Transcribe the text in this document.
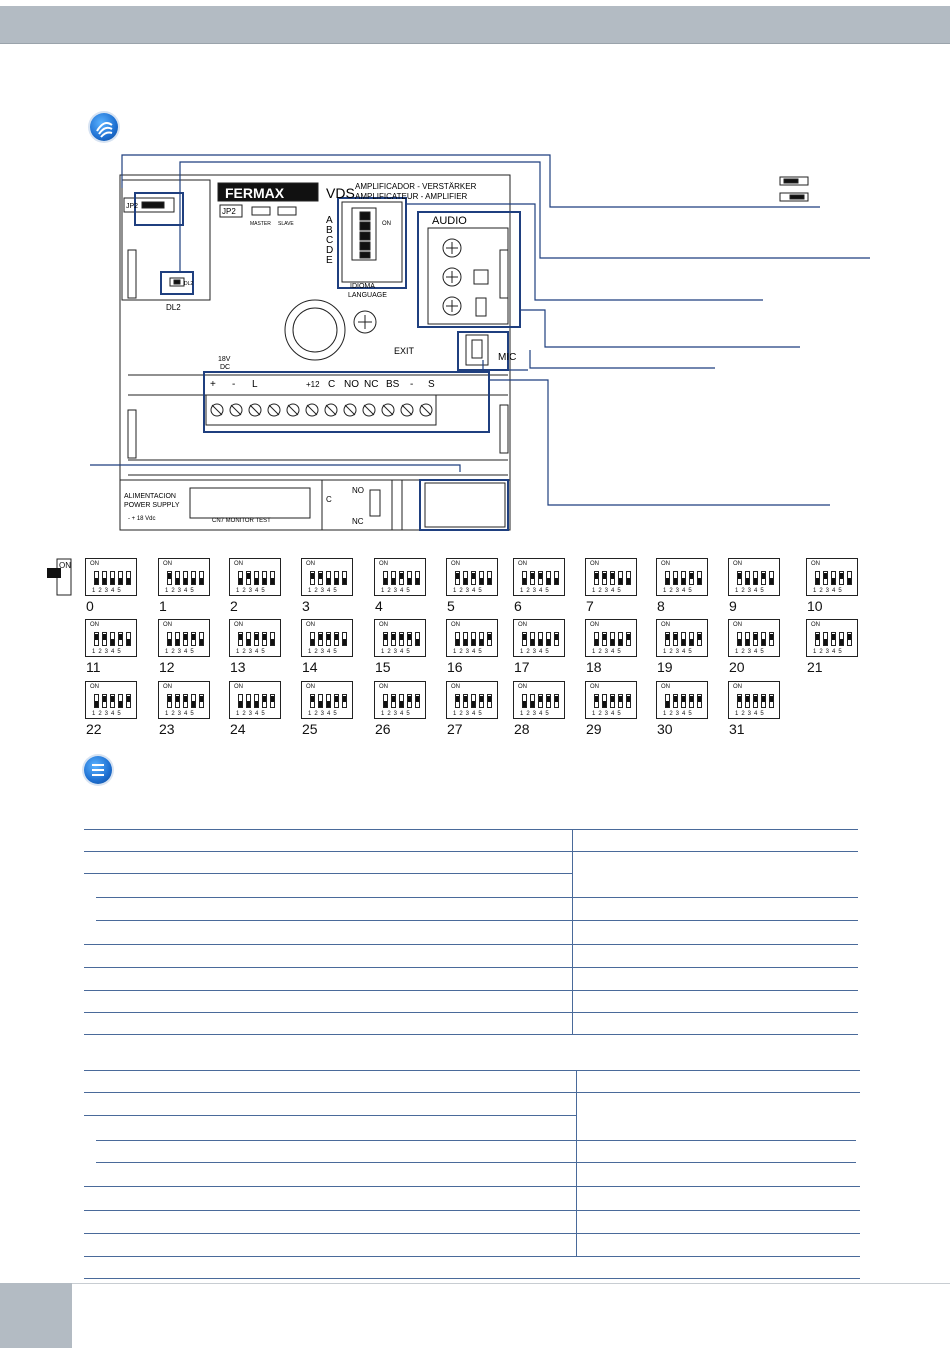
FERMAX	VDS AMPLIFICADOR - VERSTÄRKER
AMPLIFICATEUR - AMPLIFIER
JP2
MASTER SLAVE
JP2
DL2
DL2
IDIOMA
LANGUAGE
A
B
C
D
E
ON	AUDIO
MIC
EXIT
18V
DC
+ - L	+12 C NO NC BS - S
ALIMENTACION
POWER SUPPLY
- + 18 Vdc	CN7 MONITOR TEST
NO
C
NC
ON	ON
12345
0
ON
12345
1
ON
12345
2
ON
12345
3
ON
12345
4
ON
12345
5
ON
12345
6
ON
12345
7
ON
12345
8
ON
12345
9
ON
12345
10
ON
12345
11
ON
12345
12
ON
12345
13
ON
12345
14
ON
12345
15
ON
12345
16
ON
12345
17
ON
12345
18
ON
12345
19
ON
12345
20
ON
12345
21
ON
12345
22
ON
12345
23
ON
12345
24
ON
12345
25
ON
12345
26
ON
12345
27
ON
12345
28
ON
12345
29
ON
12345
30
ON
12345
31
